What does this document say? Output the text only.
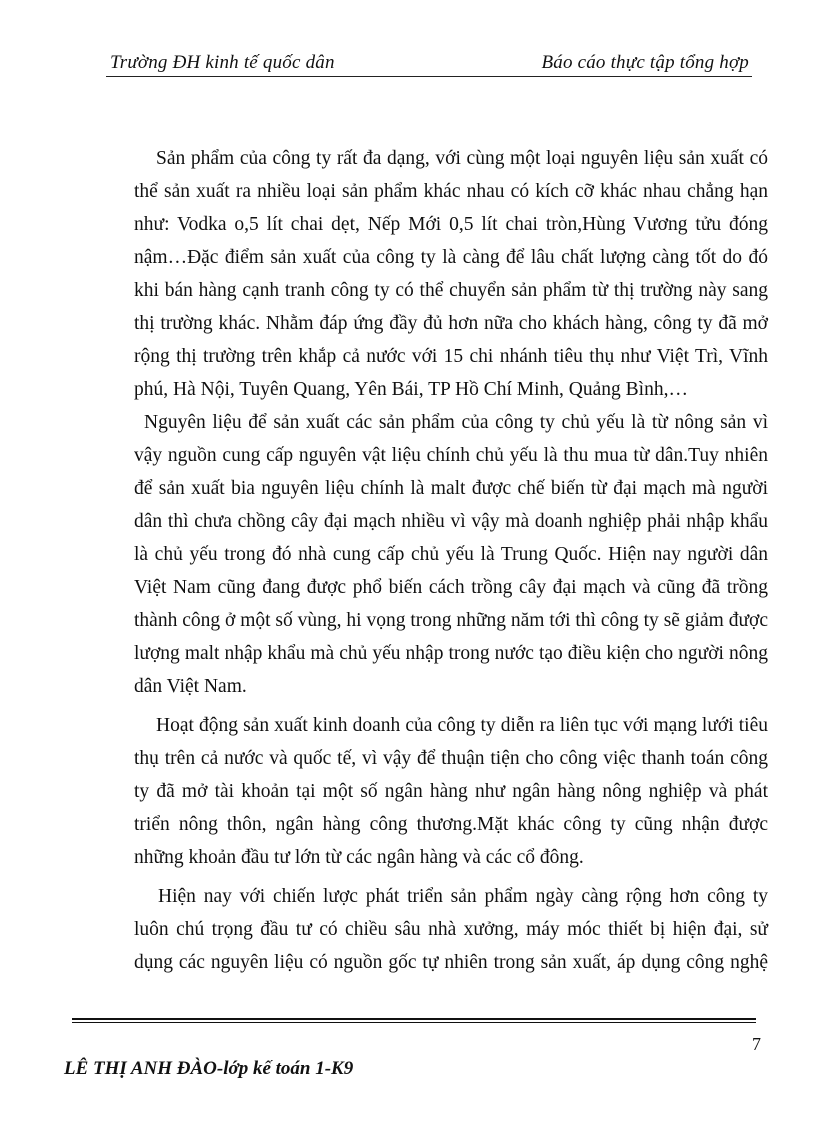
Trường ĐH kinh tế quốc dân	Báo cáo thực tập tổng hợp

Sản phẩm của công ty rất đa dạng, với cùng một loại nguyên liệu sản xuất có
thể sản xuất ra nhiều loại sản phẩm khác nhau có kích cỡ khác nhau chẳng hạn
như: Vodka o,5 lít chai dẹt, Nếp Mới 0,5 lít chai tròn,Hùng Vương tửu đóng
nậm…Đặc điểm sản xuất của công ty là càng để lâu chất lượng càng tốt do đó
khi bán hàng cạnh tranh công ty có thể chuyển sản phẩm từ thị trường này sang
thị trường khác. Nhằm đáp ứng đầy đủ hơn nữa cho khách hàng, công ty đã mở
rộng thị trường trên khắp cả nước với 15 chi nhánh tiêu thụ như Việt Trì, Vĩnh
phú, Hà Nội, Tuyên Quang, Yên Bái, TP Hồ Chí Minh, Quảng Bình,…

Nguyên liệu để sản xuất các sản phẩm của công ty chủ yếu là từ nông sản vì
vậy nguồn cung cấp nguyên vật liệu chính chủ yếu là thu mua từ dân.Tuy nhiên
để sản xuất bia nguyên liệu chính là malt được chế biến từ đại mạch mà người
dân thì chưa chồng cây đại mạch nhiều vì vậy mà doanh nghiệp phải nhập khẩu
là chủ yếu trong đó nhà cung cấp chủ yếu là Trung Quốc. Hiện nay người dân
Việt Nam cũng đang được phổ biến cách trồng cây đại mạch và cũng đã trồng
thành công ở một số vùng, hi vọng trong những năm tới thì công ty sẽ giảm được
lượng malt nhập khẩu mà chủ yếu nhập trong nước tạo điều kiện cho người nông
dân Việt Nam.

Hoạt động sản xuất kinh doanh của công ty diễn ra liên tục với mạng lưới tiêu
thụ trên cả nước và quốc tế, vì vậy để thuận tiện cho công việc thanh toán công
ty đã mở tài khoản tại một số ngân hàng như ngân hàng nông nghiệp và phát
triển nông thôn, ngân hàng công thương.Mặt khác công ty cũng nhận được
những khoản đầu tư lớn từ các ngân hàng và các cổ đông.

Hiện nay với chiến lược phát triển sản phẩm ngày càng rộng hơn công ty
luôn chú trọng đầu tư có chiều sâu nhà xưởng, máy móc thiết bị hiện đại, sử
dụng các nguyên liệu có nguồn gốc tự nhiên trong sản xuất, áp dụng công nghệ

7
LÊ THỊ ANH ĐÀO-lớp kế toán 1-K9
